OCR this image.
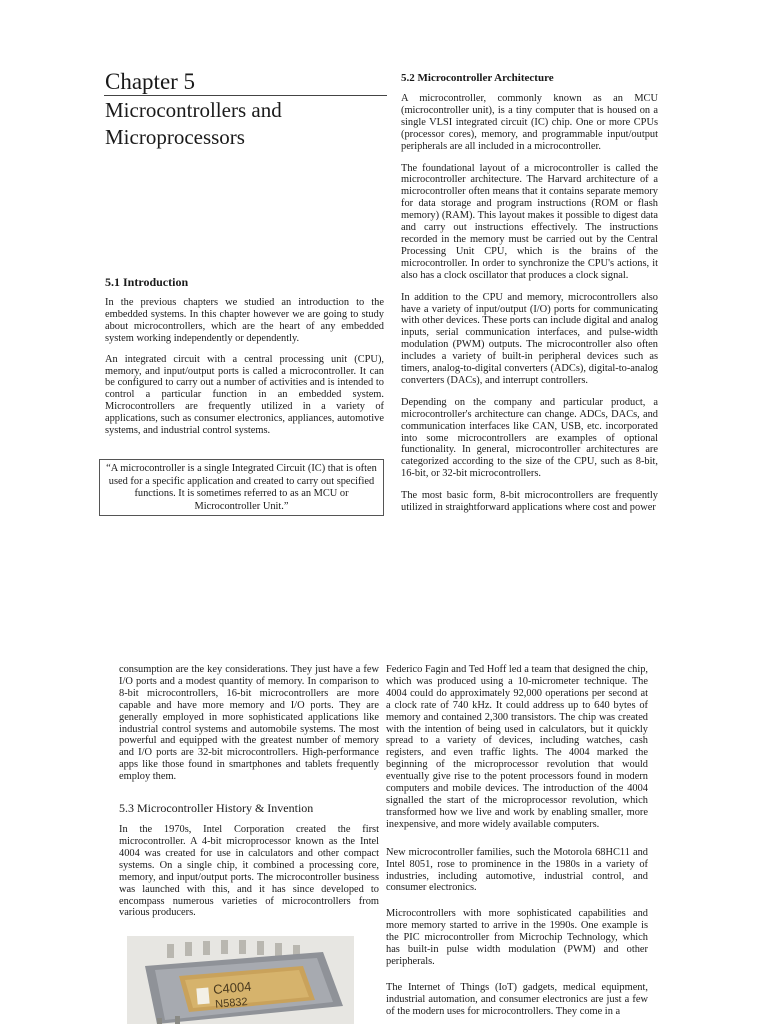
Chapter 5
Microcontrollers and
Microprocessors
5.1 Introduction

In the previous chapters we studied an introduction to the embedded systems. In this chapter however we are going to study about microcontrollers, which are the heart of any embedded system working independently or dependently.

An integrated circuit with a central processing unit (CPU), memory, and input/output ports is called a microcontroller. It can be configured to carry out a number of activities and is intended to control a particular function in an embedded system. Microcontrollers are frequently utilized in a variety of applications, such as consumer electronics, appliances, automotive systems, and industrial control systems.

“A microcontroller is a single Integrated Circuit (IC) that is often used for a specific application and created to carry out specified functions. It is sometimes referred to as an MCU or Microcontroller Unit.”

5.2 Microcontroller Architecture

A microcontroller, commonly known as an MCU (microcontroller unit), is a tiny computer that is housed on a single VLSI integrated circuit (IC) chip. One or more CPUs (processor cores), memory, and programmable input/output peripherals are all included in a microcontroller.

The foundational layout of a microcontroller is called the microcontroller architecture. The Harvard architecture of a microcontroller often means that it contains separate memory for data storage and program instructions (ROM or flash memory) (RAM). This layout makes it possible to digest data and carry out instructions effectively. The instructions recorded in the memory must be carried out by the Central Processing Unit CPU, which is the brains of the microcontroller. In order to synchronize the CPU's actions, it also has a clock oscillator that produces a clock signal.

In addition to the CPU and memory, microcontrollers also have a variety of input/output (I/O) ports for communicating with other devices. These ports can include digital and analog inputs, serial communication interfaces, and pulse-width modulation (PWM) outputs. The microcontroller also often includes a variety of built-in peripheral devices such as timers, analog-to-digital converters (ADCs), digital-to-analog converters (DACs), and interrupt controllers.

Depending on the company and particular product, a microcontroller's architecture can change. ADCs, DACs, and communication interfaces like CAN, USB, etc. incorporated into some microcontrollers are examples of optional functionality. In general, microcontroller architectures are categorized according to the size of the CPU, such as 8-bit, 16-bit, or 32-bit microcontrollers.

The most basic form, 8-bit microcontrollers are frequently utilized in straightforward applications where cost and power

consumption are the key considerations. They just have a few I/O ports and a modest quantity of memory. In comparison to 8-bit microcontrollers, 16-bit microcontrollers are more capable and have more memory and I/O ports. They are generally employed in more sophisticated applications like industrial control systems and automobile systems. The most powerful and equipped with the greatest number of memory and I/O ports are 32-bit microcontrollers. High-performance apps like those found in smartphones and tablets frequently employ them.

5.3 Microcontroller History & Invention

In the 1970s, Intel Corporation created the first microcontroller. A 4-bit microprocessor known as the Intel 4004 was created for use in calculators and other compact systems. On a single chip, it combined a processing core, memory, and input/output ports. The microcontroller business was launched with this, and it has since developed to encompass numerous varieties of microcontrollers from various producers.

C4004
N5832

Federico Fagin and Ted Hoff led a team that designed the chip, which was produced using a 10-micrometer technique. The 4004 could do approximately 92,000 operations per second at a clock rate of 740 kHz. It could address up to 640 bytes of memory and contained 2,300 transistors. The chip was created with the intention of being used in calculators, but it quickly spread to a variety of devices, including watches, cash registers, and even traffic lights. The 4004 marked the beginning of the microprocessor revolution that would eventually give rise to the potent processors found in modern computers and mobile devices. The introduction of the 4004 signalled the start of the microprocessor revolution, which transformed how we live and work by enabling smaller, more inexpensive, and more widely available computers.

New microcontroller families, such the Motorola 68HC11 and Intel 8051, rose to prominence in the 1980s in a variety of industries, including automotive, industrial control, and consumer electronics.

Microcontrollers with more sophisticated capabilities and more memory started to arrive in the 1990s. One example is the PIC microcontroller from Microchip Technology, which has built-in pulse width modulation (PWM) and other peripherals.

The Internet of Things (IoT) gadgets, medical equipment, industrial automation, and consumer electronics are just a few of the modern uses for microcontrollers. They come in a
